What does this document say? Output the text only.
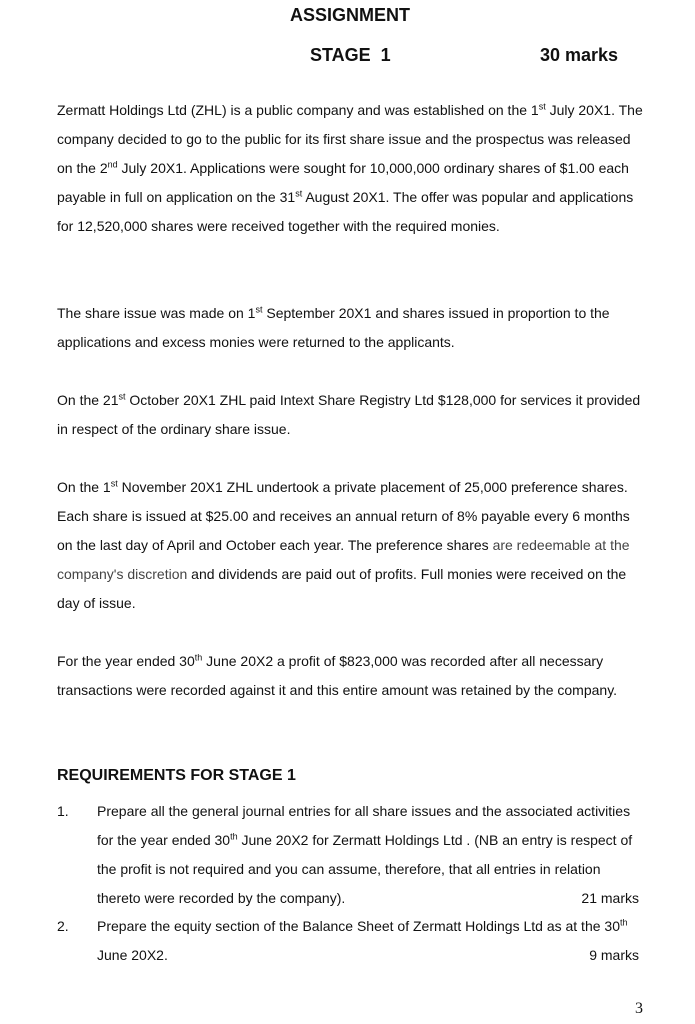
ASSIGNMENT
STAGE  1	30 marks

Zermatt Holdings Ltd (ZHL) is a public company and was established on the 1st July 20X1. The company decided to go to the public for its first share issue and the prospectus was released on the 2nd July 20X1. Applications were sought for 10,000,000 ordinary shares of $1.00 each payable in full on application on the 31st August 20X1. The offer was popular and applications for 12,520,000 shares were received together with the required monies.

The share issue was made on 1st September 20X1 and shares issued in proportion to the applications and excess monies were returned to the applicants.

On the 21st October 20X1 ZHL paid Intext Share Registry Ltd $128,000 for services it provided in respect of the ordinary share issue.

On the 1st November 20X1 ZHL undertook a private placement of 25,000 preference shares. Each share is issued at $25.00 and receives an annual return of 8% payable every 6 months on the last day of April and October each year. The preference shares are redeemable at the company's discretion and dividends are paid out of profits. Full monies were received on the day of issue.

For the year ended 30th June 20X2 a profit of $823,000 was recorded after all necessary transactions were recorded against it and this entire amount was retained by the company.

REQUIREMENTS FOR STAGE 1
1. Prepare all the general journal entries for all share issues and the associated activities for the year ended 30th June 20X2 for Zermatt Holdings Ltd . (NB an entry is respect of the profit is not required and you can assume, therefore, that all entries in relation thereto were recorded by the company).	21 marks
2. Prepare the equity section of the Balance Sheet of Zermatt Holdings Ltd as at the 30th June 20X2.	9 marks
3
